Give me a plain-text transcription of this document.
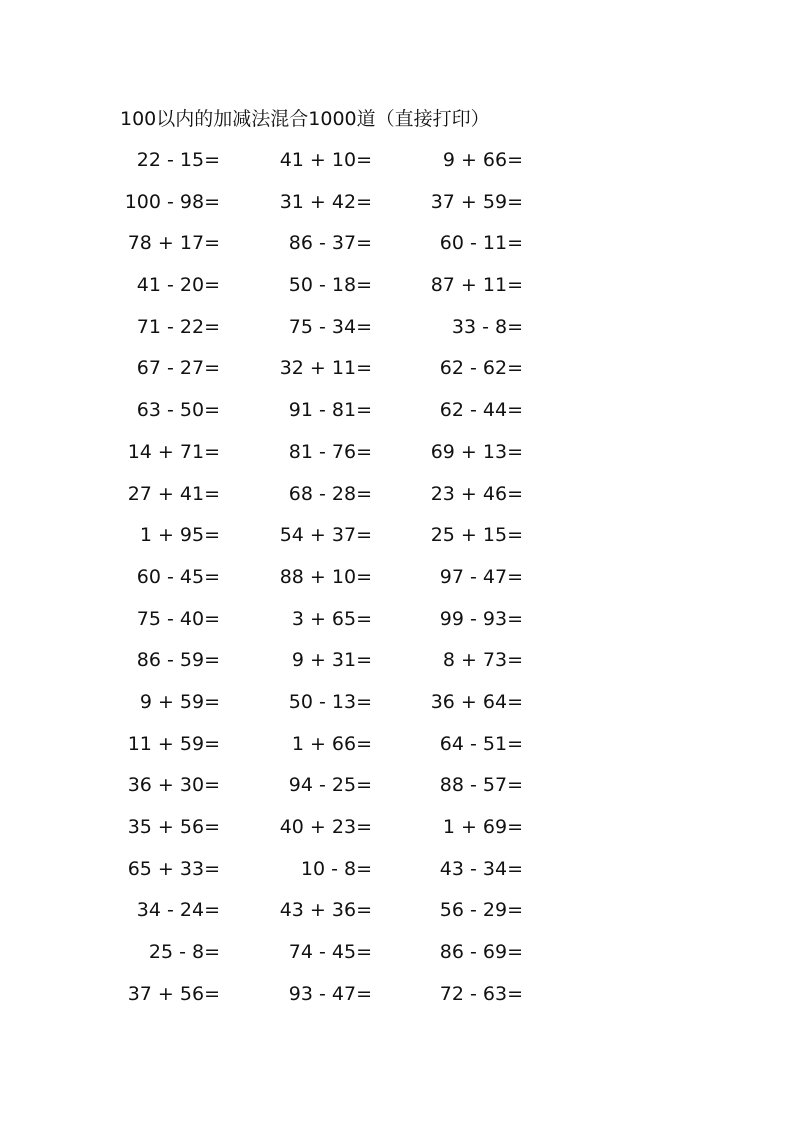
100以内的加减法混合1000道（直接打印）
22 - 15=	41 + 10=	9 + 66=
100 - 98=	31 + 42=	37 + 59=
78 + 17=	86 - 37=	60 - 11=
41 - 20=	50 - 18=	87 + 11=
71 - 22=	75 - 34=	33 - 8=
67 - 27=	32 + 11=	62 - 62=
63 - 50=	91 - 81=	62 - 44=
14 + 71=	81 - 76=	69 + 13=
27 + 41=	68 - 28=	23 + 46=
1 + 95=	54 + 37=	25 + 15=
60 - 45=	88 + 10=	97 - 47=
75 - 40=	3 + 65=	99 - 93=
86 - 59=	9 + 31=	8 + 73=
9 + 59=	50 - 13=	36 + 64=
11 + 59=	1 + 66=	64 - 51=
36 + 30=	94 - 25=	88 - 57=
35 + 56=	40 + 23=	1 + 69=
65 + 33=	10 - 8=	43 - 34=
34 - 24=	43 + 36=	56 - 29=
25 - 8=	74 - 45=	86 - 69=
37 + 56=	93 - 47=	72 - 63=
